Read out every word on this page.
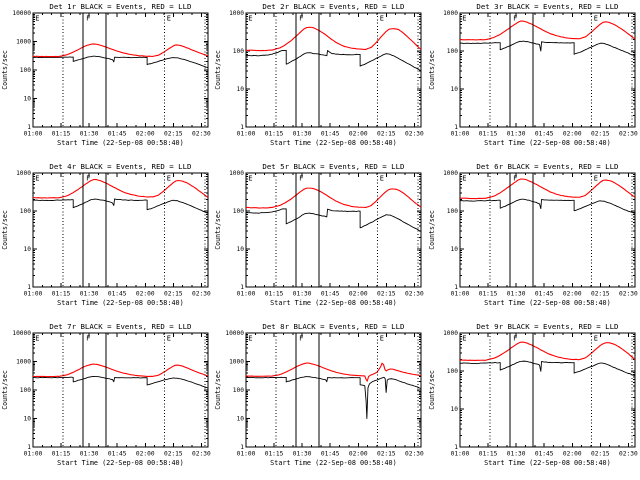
Det 1r BLACK = Events, RED = LLD
1
10
100
1000
10000
01:00 01:15 01:30 01:45 02:00 02:15 02:30
Start Time (22-Sep-08 00:58:40)
Counts/sec
E	F	E
Det 2r BLACK = Events, RED = LLD
1
10
100
1000
01:00 01:15 01:30 01:45 02:00 02:15 02:30
Start Time (22-Sep-08 00:58:40)
Counts/sec
E	F	E
Det 3r BLACK = Events, RED = LLD
1
10
100
1000
01:00 01:15 01:30 01:45 02:00 02:15 02:30
Start Time (22-Sep-08 00:58:40)
Counts/sec
E	F	E
Det 4r BLACK = Events, RED = LLD
1
10
100
1000
01:00 01:15 01:30 01:45 02:00 02:15 02:30
Start Time (22-Sep-08 00:58:40)
Counts/sec
E	F	E
Det 5r BLACK = Events, RED = LLD
1
10
100
1000
01:00 01:15 01:30 01:45 02:00 02:15 02:30
Start Time (22-Sep-08 00:58:40)
Counts/sec
E	F	E
Det 6r BLACK = Events, RED = LLD
1
10
100
1000
01:00 01:15 01:30 01:45 02:00 02:15 02:30
Start Time (22-Sep-08 00:58:40)
Counts/sec
E	F	E
Det 7r BLACK = Events, RED = LLD
1
10
100
1000
10000
01:00 01:15 01:30 01:45 02:00 02:15 02:30
Start Time (22-Sep-08 00:58:40)
Counts/sec
E	F	E
Det 8r BLACK = Events, RED = LLD
1
10
100
1000
10000
01:00 01:15 01:30 01:45 02:00 02:15 02:30
Start Time (22-Sep-08 00:58:40)
Counts/sec
E	F	E
Det 9r BLACK = Events, RED = LLD
1
10
100
1000
01:00 01:15 01:30 01:45 02:00 02:15 02:30
Start Time (22-Sep-08 00:58:40)
Counts/sec
E	F	E
